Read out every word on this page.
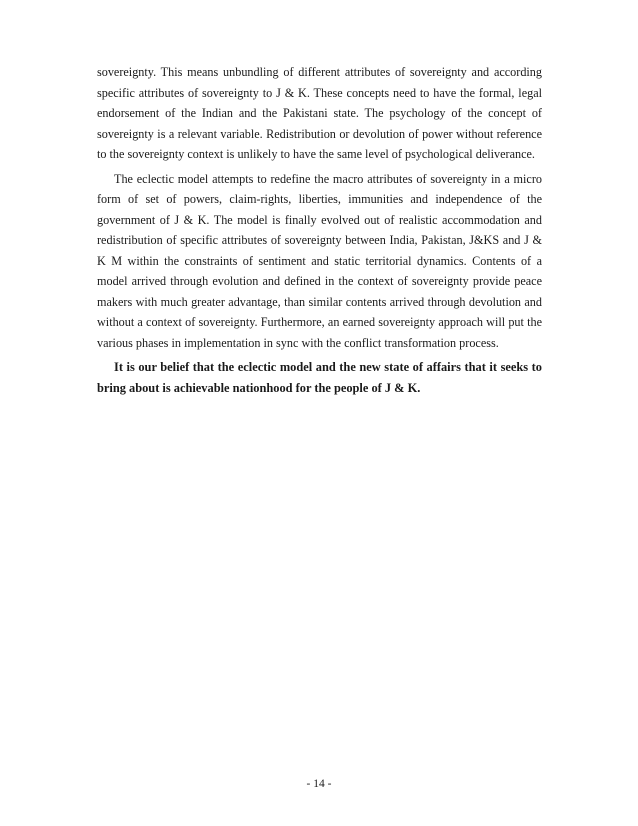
sovereignty. This means unbundling of different attributes of sovereignty and according specific attributes of sovereignty to J & K. These concepts need to have the formal, legal endorsement of the Indian and the Pakistani state. The psychology of the concept of sovereignty is a relevant variable. Redistribution or devolution of power without reference to the sovereignty context is unlikely to have the same level of psychological deliverance.

The eclectic model attempts to redefine the macro attributes of sovereignty in a micro form of set of powers, claim-rights, liberties, immunities and independence of the government of J & K. The model is finally evolved out of realistic accommodation and redistribution of specific attributes of sovereignty between India, Pakistan, J&KS and J & K M within the constraints of sentiment and static territorial dynamics. Contents of a model arrived through evolution and defined in the context of sovereignty provide peace makers with much greater advantage, than similar contents arrived through devolution and without a context of sovereignty. Furthermore, an earned sovereignty approach will put the various phases in implementation in sync with the conflict transformation process.

It is our belief that the eclectic model and the new state of affairs that it seeks to bring about is achievable nationhood for the people of J & K.

- 14 -
